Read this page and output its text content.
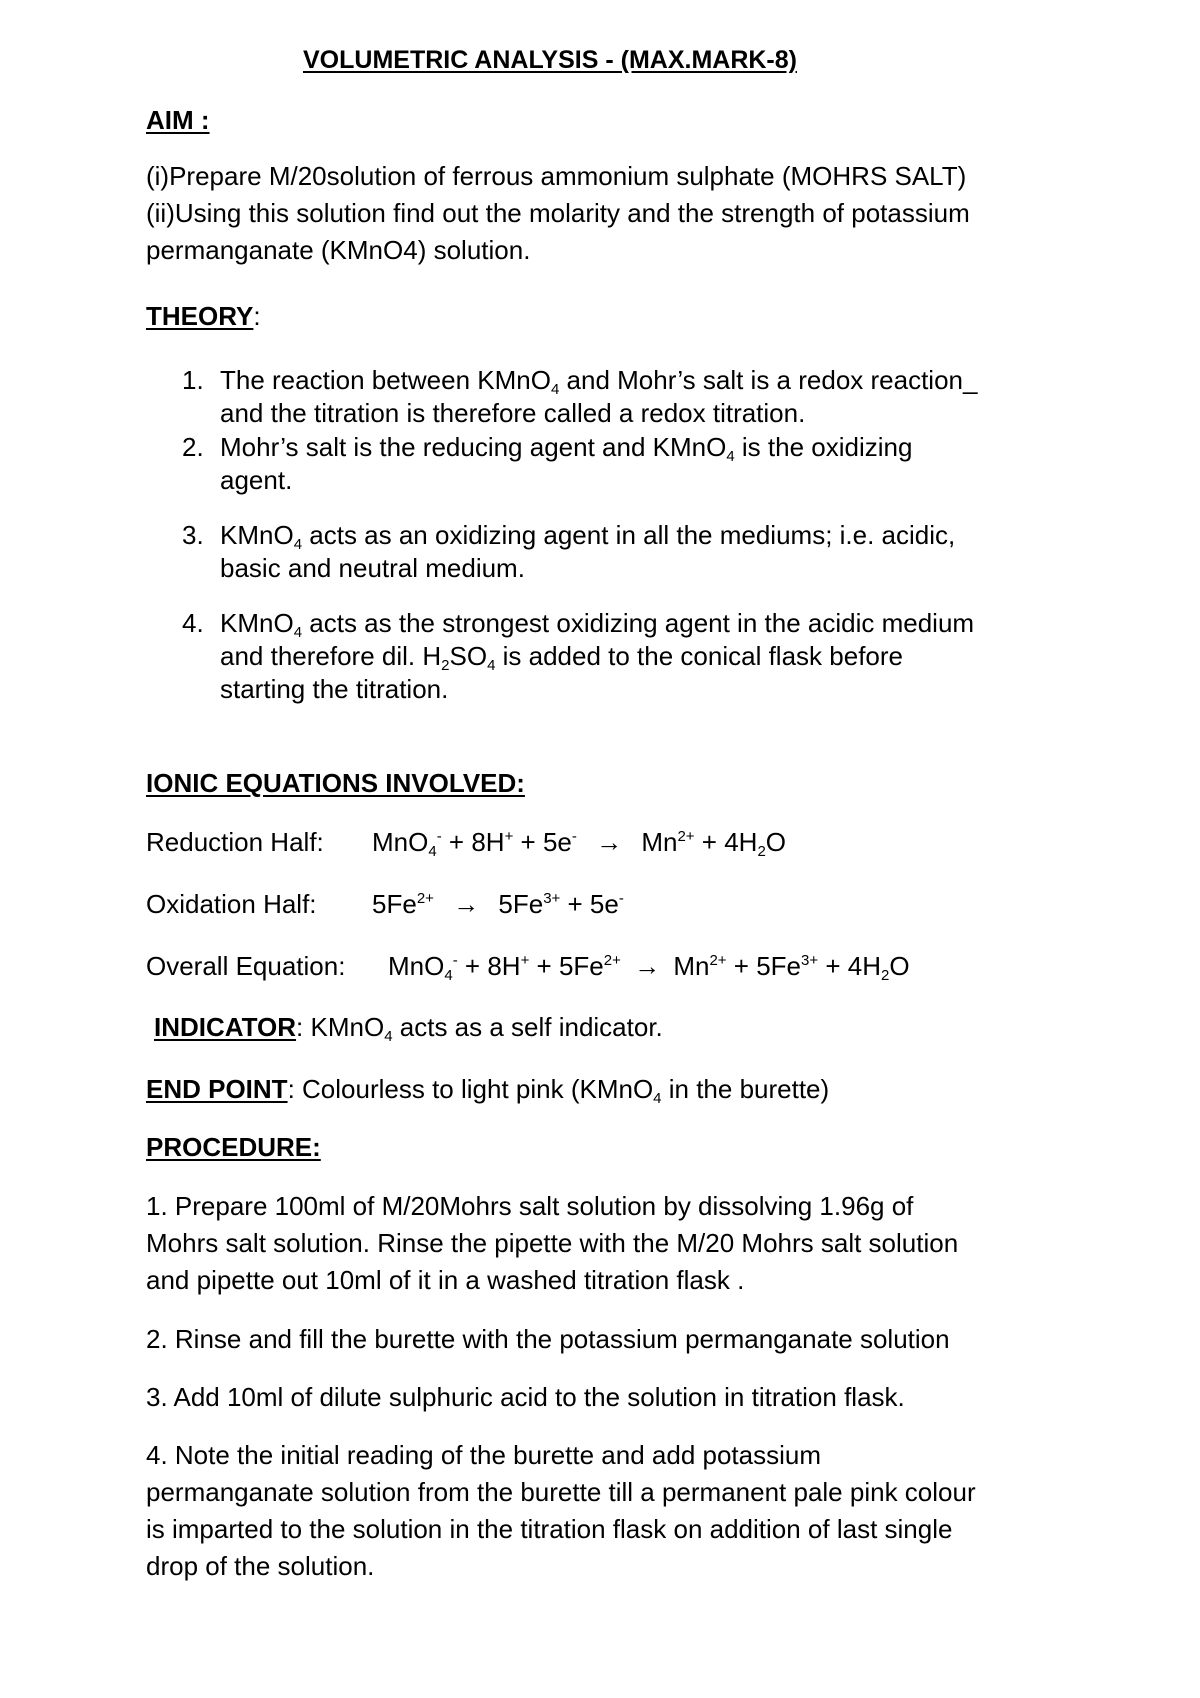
VOLUMETRIC ANALYSIS - (MAX.MARK-8)
AIM :
(i)Prepare M/20solution of ferrous ammonium sulphate (MOHRS SALT)
(ii)Using this solution find out the molarity and the strength of potassium
permanganate (KMnO4) solution.
THEORY:
1. The reaction between KMnO$_4$ and Mohr’s salt is a redox reaction_
and the titration is therefore called a redox titration.
2. Mohr’s salt is the reducing agent and KMnO$_4$ is the oxidizing
agent.
3. KMnO$_4$ acts as an oxidizing agent in all the mediums; i.e. acidic,
basic and neutral medium.
4. KMnO$_4$ acts as the strongest oxidizing agent in the acidic medium
and therefore dil. $H_2SO_4$ is added to the conical flask before
starting the titration.
IONIC EQUATIONS INVOLVED:
Reduction Half: $MnO_4^- + 8H^+ + 5e^- \to Mn^{2+} + 4H_2O$
Oxidation Half: $5Fe^{2+} \to 5Fe^{3+} + 5e^-$
Overall Equation: $MnO_4^- + 8H^+ + 5Fe^{2+} \to Mn^{2+} + 5Fe^{3+} + 4H_2O$
INDICATOR: KMnO$_4$ acts as a self indicator.
END POINT: Colourless to light pink (KMnO$_4$ in the burette)
PROCEDURE:
1. Prepare 100ml of M/20Mohrs salt solution by dissolving 1.96g of
Mohrs salt solution. Rinse the pipette with the M/20 Mohrs salt solution
and pipette out 10ml of it in a washed titration flask .
2. Rinse and fill the burette with the potassium permanganate solution
3. Add 10ml of dilute sulphuric acid to the solution in titration flask.
4. Note the initial reading of the burette and add potassium
permanganate solution from the burette till a permanent pale pink colour
is imparted to the solution in the titration flask on addition of last single
drop of the solution.
